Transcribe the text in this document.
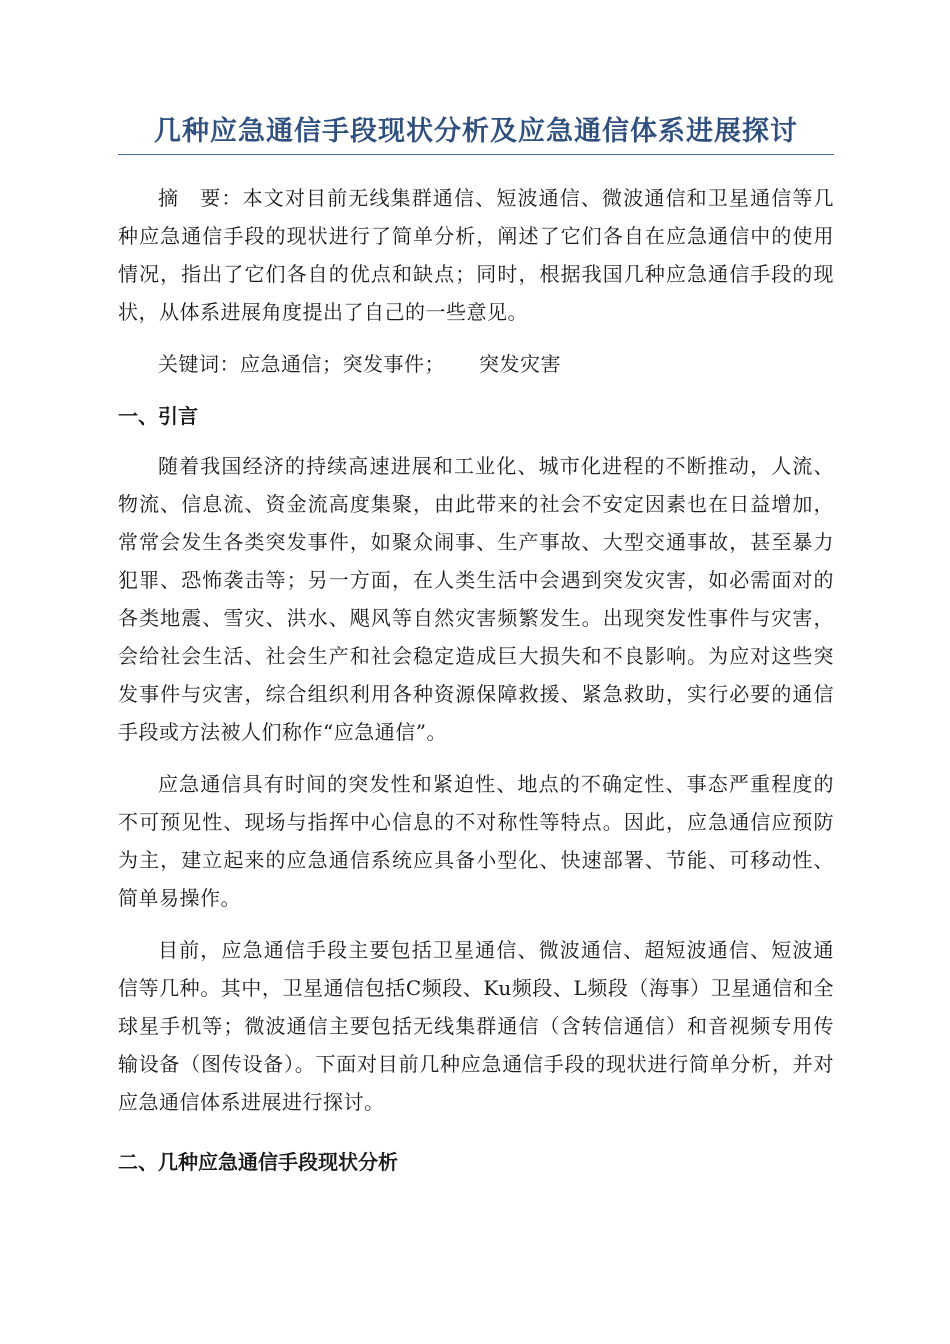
几种应急通信手段现状分析及应急通信体系进展探讨

摘　要：本文对目前无线集群通信、短波通信、微波通信和卫星通信等几种应急通信手段的现状进行了简单分析，阐述了它们各自在应急通信中的使用情况，指出了它们各自的优点和缺点；同时，根据我国几种应急通信手段的现状，从体系进展角度提出了自己的一些意见。

关键词：应急通信；突发事件； 突发灾害

一、引言

随着我国经济的持续高速进展和工业化、城市化进程的不断推动，人流、物流、信息流、资金流高度集聚，由此带来的社会不安定因素也在日益增加，常常会发生各类突发事件，如聚众闹事、生产事故、大型交通事故，甚至暴力犯罪、恐怖袭击等；另一方面，在人类生活中会遇到突发灾害，如必需面对的各类地震、雪灾、洪水、飓风等自然灾害频繁发生。出现突发性事件与灾害，会给社会生活、社会生产和社会稳定造成巨大损失和不良影响。为应对这些突发事件与灾害，综合组织利用各种资源保障救援、紧急救助，实行必要的通信手段或方法被人们称作“应急通信”。

应急通信具有时间的突发性和紧迫性、地点的不确定性、事态严重程度的不可预见性、现场与指挥中心信息的不对称性等特点。因此，应急通信应预防为主，建立起来的应急通信系统应具备小型化、快速部署、节能、可移动性、简单易操作。

目前，应急通信手段主要包括卫星通信、微波通信、超短波通信、短波通信等几种。其中，卫星通信包括C频段、Ku频段、L频段（海事）卫星通信和全球星手机等；微波通信主要包括无线集群通信（含转信通信）和音视频专用传输设备（图传设备）。下面对目前几种应急通信手段的现状进行简单分析，并对应急通信体系进展进行探讨。

二、几种应急通信手段现状分析
